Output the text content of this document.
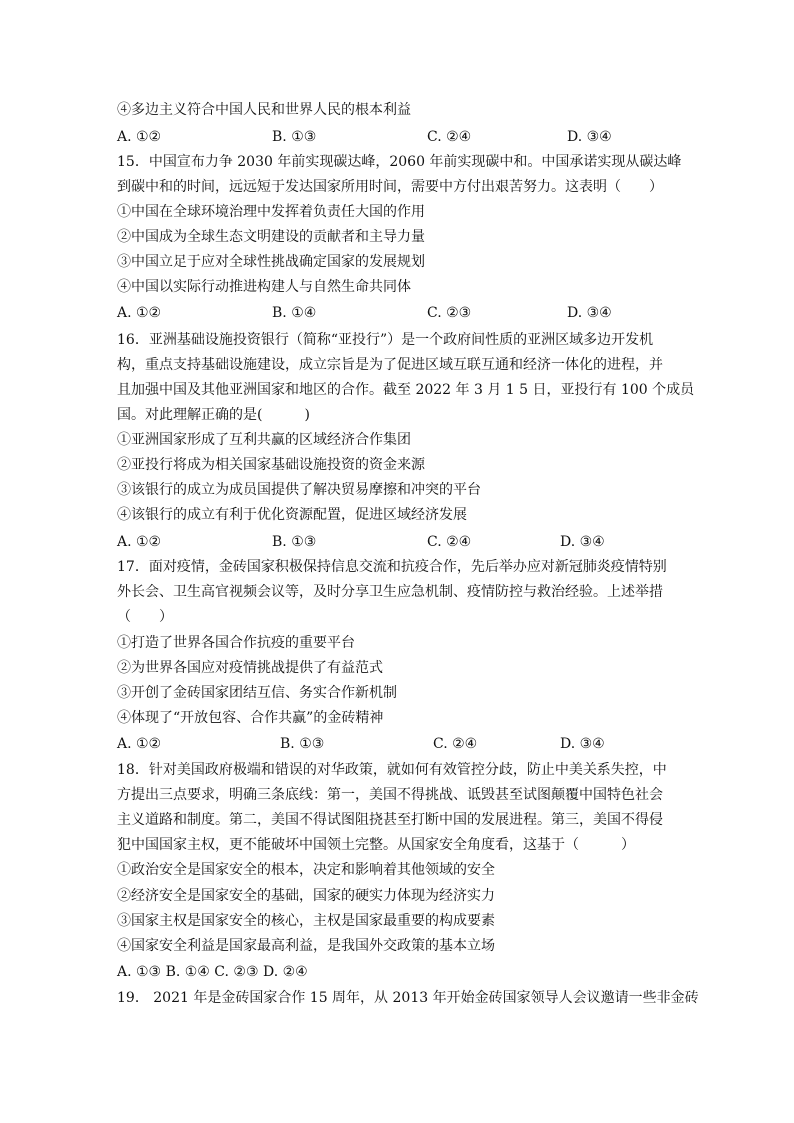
④多边主义符合中国人民和世界人民的根本利益
A. ①②	B. ①③	C. ②④	D. ③④
15．中国宣布力争 2030 年前实现碳达峰，2060 年前实现碳中和。中国承诺实现从碳达峰
到碳中和的时间，远远短于发达国家所用时间，需要中方付出艰苦努力。这表明（　　）
①中国在全球环境治理中发挥着负责任大国的作用
②中国成为全球生态文明建设的贡献者和主导力量
③中国立足于应对全球性挑战确定国家的发展规划
④中国以实际行动推进构建人与自然生命共同体
A. ①②	B. ①④	C. ②③	D. ③④
16．亚洲基础设施投资银行（简称“亚投行”）是一个政府间性质的亚洲区域多边开发机
构，重点支持基础设施建设，成立宗旨是为了促进区域互联互通和经济一体化的进程，并
且加强中国及其他亚洲国家和地区的合作。截至 2022 年 3 月 1 5 日，亚投行有 100 个成员
国。对此理解正确的是(　　　)
①亚洲国家形成了互利共赢的区域经济合作集团
②亚投行将成为相关国家基础设施投资的资金来源
③该银行的成立为成员国提供了解决贸易摩擦和冲突的平台
④该银行的成立有利于优化资源配置，促进区域经济发展
A. ①②	B. ①③	C. ②④	D. ③④
17．面对疫情，金砖国家积极保持信息交流和抗疫合作，先后举办应对新冠肺炎疫情特别
外长会、卫生高官视频会议等，及时分享卫生应急机制、疫情防控与救治经验。上述举措
（　　）
①打造了世界各国合作抗疫的重要平台
②为世界各国应对疫情挑战提供了有益范式
③开创了金砖国家团结互信、务实合作新机制
④体现了“开放包容、合作共赢”的金砖精神
A. ①②	B. ①③	C. ②④	D. ③④
18．针对美国政府极端和错误的对华政策，就如何有效管控分歧，防止中美关系失控，中
方提出三点要求，明确三条底线：第一，美国不得挑战、诋毁甚至试图颠覆中国特色社会
主义道路和制度。第二，美国不得试图阻挠甚至打断中国的发展进程。第三，美国不得侵
犯中国国家主权，更不能破坏中国领土完整。从国家安全角度看，这基于（　　　）
①政治安全是国家安全的根本，决定和影响着其他领域的安全
②经济安全是国家安全的基础，国家的硬实力体现为经济实力
③国家主权是国家安全的核心，主权是国家最重要的构成要素
④国家安全利益是国家最高利益，是我国外交政策的基本立场
A. ①③ B. ①④ C. ②③ D. ②④
19． 2021 年是金砖国家合作 15 周年，从 2013 年开始金砖国家领导人会议邀请一些非金砖
